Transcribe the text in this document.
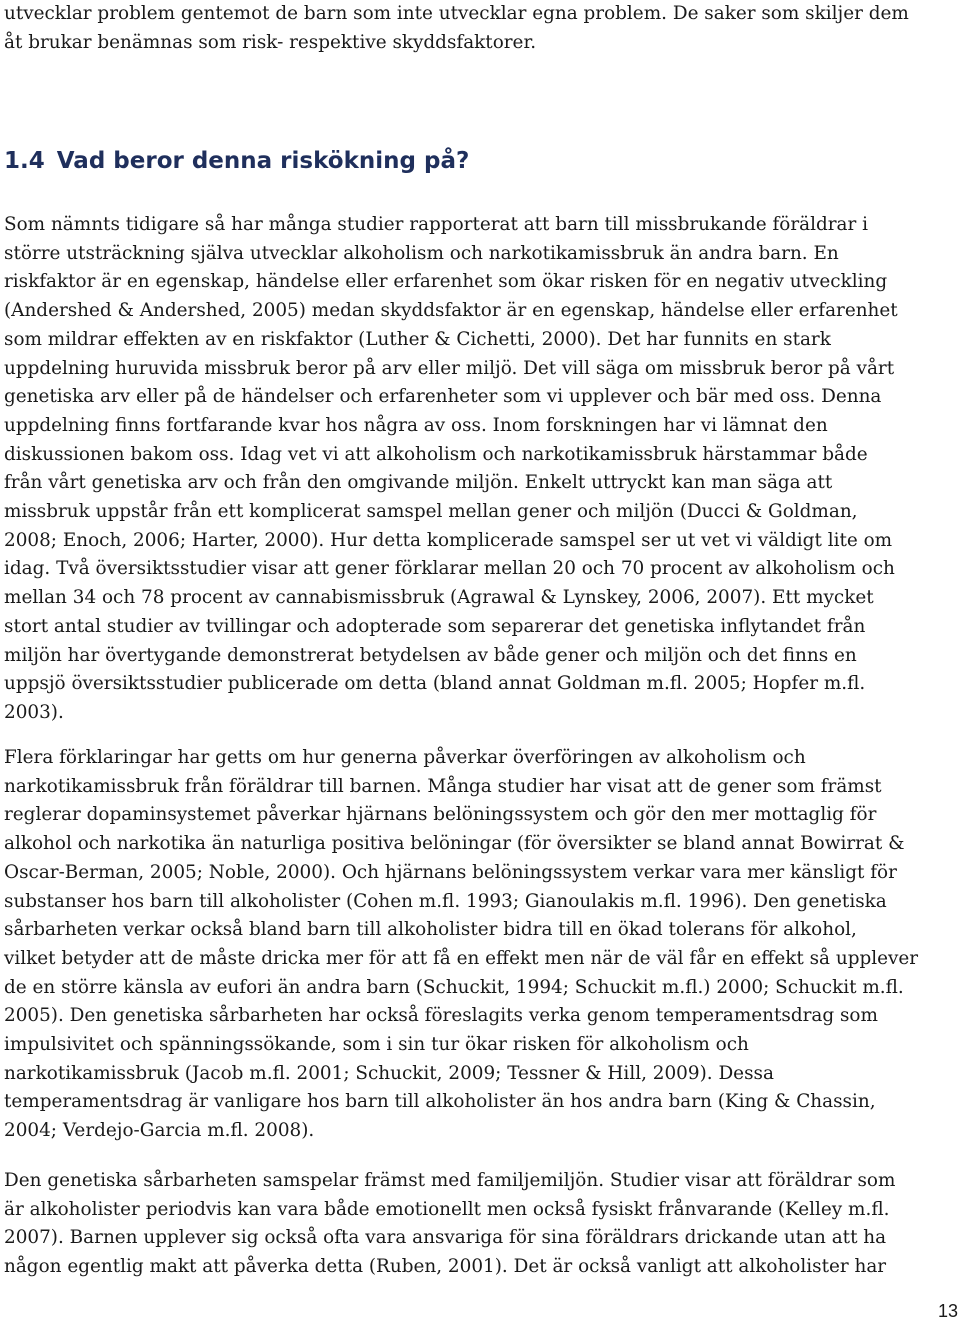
utvecklar problem gentemot de barn som inte utvecklar egna problem. De saker som skiljer dem
åt brukar benämnas som risk- respektive skyddsfaktorer.

1.4 Vad beror denna riskökning på?

Som nämnts tidigare så har många studier rapporterat att barn till missbrukande föräldrar i
större utsträckning själva utvecklar alkoholism och narkotikamissbruk än andra barn. En
riskfaktor är en egenskap, händelse eller erfarenhet som ökar risken för en negativ utveckling
(Andershed & Andershed, 2005) medan skyddsfaktor är en egenskap, händelse eller erfarenhet
som mildrar effekten av en riskfaktor (Luther & Cichetti, 2000). Det har funnits en stark
uppdelning huruvida missbruk beror på arv eller miljö. Det vill säga om missbruk beror på vårt
genetiska arv eller på de händelser och erfarenheter som vi upplever och bär med oss. Denna
uppdelning finns fortfarande kvar hos några av oss. Inom forskningen har vi lämnat den
diskussionen bakom oss. Idag vet vi att alkoholism och narkotikamissbruk härstammar både
från vårt genetiska arv och från den omgivande miljön. Enkelt uttryckt kan man säga att
missbruk uppstår från ett komplicerat samspel mellan gener och miljön (Ducci & Goldman,
2008; Enoch, 2006; Harter, 2000). Hur detta komplicerade samspel ser ut vet vi väldigt lite om
idag. Två översiktsstudier visar att gener förklarar mellan 20 och 70 procent av alkoholism och
mellan 34 och 78 procent av cannabismissbruk (Agrawal & Lynskey, 2006, 2007). Ett mycket
stort antal studier av tvillingar och adopterade som separerar det genetiska inflytandet från
miljön har övertygande demonstrerat betydelsen av både gener och miljön och det finns en
uppsjö översiktsstudier publicerade om detta (bland annat Goldman m.fl. 2005; Hopfer m.fl.
2003).

Flera förklaringar har getts om hur generna påverkar överföringen av alkoholism och
narkotikamissbruk från föräldrar till barnen. Många studier har visat att de gener som främst
reglerar dopaminsystemet påverkar hjärnans belöningssystem och gör den mer mottaglig för
alkohol och narkotika än naturliga positiva belöningar (för översikter se bland annat Bowirrat &
Oscar-Berman, 2005; Noble, 2000). Och hjärnans belöningssystem verkar vara mer känsligt för
substanser hos barn till alkoholister (Cohen m.fl. 1993; Gianoulakis m.fl. 1996). Den genetiska
sårbarheten verkar också bland barn till alkoholister bidra till en ökad tolerans för alkohol,
vilket betyder att de måste dricka mer för att få en effekt men när de väl får en effekt så upplever
de en större känsla av eufori än andra barn (Schuckit, 1994; Schuckit m.fl.) 2000; Schuckit m.fl.
2005). Den genetiska sårbarheten har också föreslagits verka genom temperamentsdrag som
impulsivitet och spänningssökande, som i sin tur ökar risken för alkoholism och
narkotikamissbruk (Jacob m.fl. 2001; Schuckit, 2009; Tessner & Hill, 2009). Dessa
temperamentsdrag är vanligare hos barn till alkoholister än hos andra barn (King & Chassin,
2004; Verdejo-Garcia m.fl. 2008).

Den genetiska sårbarheten samspelar främst med familjemiljön. Studier visar att föräldrar som
är alkoholister periodvis kan vara både emotionellt men också fysiskt frånvarande (Kelley m.fl.
2007). Barnen upplever sig också ofta vara ansvariga för sina föräldrars drickande utan att ha
någon egentlig makt att påverka detta (Ruben, 2001). Det är också vanligt att alkoholister har

13
